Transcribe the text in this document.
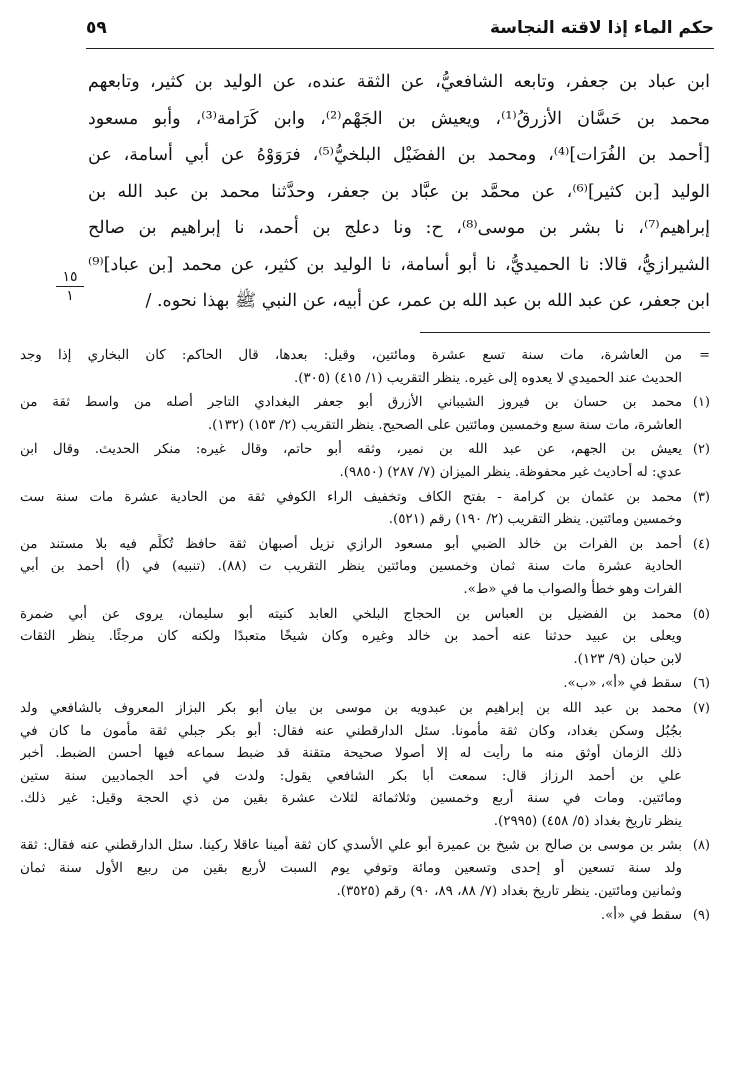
حكم الماء إذا لاقته النجاسة
٥٩
ابن عباد بن جعفر، وتابعه الشافعيُّ، عن الثقة عنده، عن الوليد بن كثير، وتابعهم
محمد بن حَسَّان الأزرقُ⁽¹⁾، ويعيش بن الجَهْم⁽²⁾، وابن كَرَامة⁽³⁾، وأبو مسعود
[أحمد بن الفُرَات]⁽⁴⁾، ومحمد بن الفضَيْل البلخيُّ⁽⁵⁾، فرَوَوْهُ عن أبي أسامة، عن
الوليد [بن كثير]⁽⁶⁾، عن محمَّد بن عبَّاد بن جعفر، وحدَّثنا محمد بن عبد الله بن
إبراهيم⁽⁷⁾، نا بشر بن موسى⁽⁸⁾، ح: ونا دعلج بن أحمد، نا إبراهيم بن صالح
الشيرازيُّ، قالا: نا الحميديُّ، نا أبو أسامة، نا الوليد بن كثير، عن محمد [بن عباد]⁽⁹⁾
ابن جعفر، عن عبد الله بن عبد الله بن عمر، عن أبيه، عن النبي ﷺ بهذا نحوه. /
١٥
١
=
من العاشرة، مات سنة تسع عشرة ومائتين، وقيل: بعدها، قال الحاكم: كان البخاري إذا وجد
الحديث عند الحميدي لا يعدوه إلى غيره. ينظر التقريب (١/ ٤١٥) (٣٠٥).
(١)
محمد بن حسان بن فيروز الشيباني الأزرق أبو جعفر البغدادي التاجر أصله من واسط ثقة من
العاشرة، مات سنة سبع وخمسين ومائتين على الصحيح. ينظر التقريب (٢/ ١٥٣) (١٣٢).
(٢)
يعيش بن الجهم، عن عبد الله بن نمير، وثقه أبو حاتم، وقال غيره: منكر الحديث. وقال ابن
عدي: له أحاديث غير محفوظة. ينظر الميزان (٧/ ٢٨٧) (٩٨٥٠).
(٣)
محمد بن عثمان بن كرامة - بفتح الكاف وتخفيف الراء الكوفي ثقة من الحادية عشرة مات سنة ست
وخمسين ومائتين. ينظر التقريب (٢/ ١٩٠) رقم (٥٢١).
(٤)
أحمد بن الفرات بن خالد الضبي أبو مسعود الرازي نزيل أصبهان ثقة حافظ تُكلِّم فيه بلا مستند من
الحادية عشرة مات سنة ثمان وخمسين ومائتين ينظر التقريب ت (٨٨). (تنبيه) في (أ) أحمد بن أبي
الفرات وهو خطأ والصواب ما في «ط».
(٥)
محمد بن الفضيل بن العباس بن الحجاج البلخي العابد كنيته أبو سليمان، يروى عن أبي ضمرة
ويعلى بن عبيد حدثنا عنه أحمد بن خالد وغيره وكان شيخًا متعبدًا ولكنه كان مرجئًا. ينظر الثقات
لابن حبان (٩/ ١٢٣).
(٦)
سقط في «أ»، «ب».
(٧)
محمد بن عبد الله بن إبراهيم بن عبدويه بن موسى بن بيان أبو بكر البزاز المعروف بالشافعي ولد
بجُبُل وسكن بغداد، وكان ثقة مأمونا. سئل الدارقطني عنه فقال: أبو بكر جبلي ثقة مأمون ما كان في
ذلك الزمان أوثق منه ما رأيت له إلا أصولا صحيحة متقنة قد ضبط سماعه فيها أحسن الضبط. أخبر
علي بن أحمد الرزاز قال: سمعت أبا بكر الشافعي يقول: ولدت في أحد الجماديين سنة ستين
ومائتين. ومات في سنة أربع وخمسين وثلاثمائة لثلاث عشرة بقين من ذي الحجة وقيل: غير ذلك.
ينظر تاريخ بغداد (٥/ ٤٥٨) (٢٩٩٥).
(٨)
بشر بن موسى بن صالح بن شيخ بن عميرة أبو علي الأسدي كان ثقة أمينا عاقلا ركينا. سئل الدارقطني عنه فقال: ثقة
ولد سنة تسعين أو إحدى وتسعين ومائة وتوفي يوم السبت لأربع بقين من ربيع الأول سنة ثمان
وثمانين ومائتين. ينظر تاريخ بغداد (٧/ ٨٨، ٨٩، ٩٠) رقم (٣٥٢٥).
(٩)
سقط في «أ».
